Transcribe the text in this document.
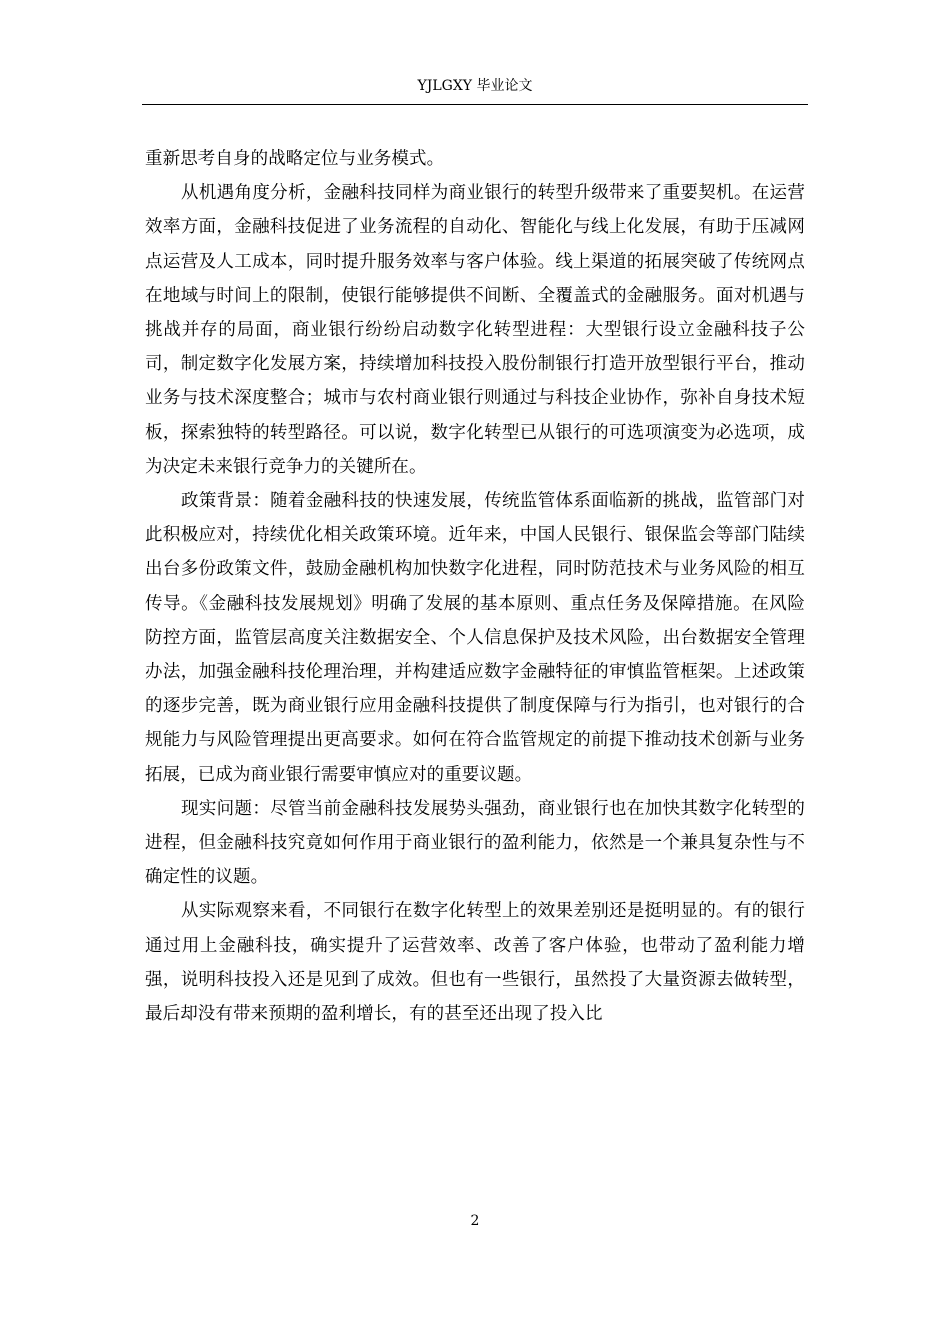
YJLGXY 毕业论文

重新思考自身的战略定位与业务模式。

从机遇角度分析，金融科技同样为商业银行的转型升级带来了重要契机。在运营效率方面，金融科技促进了业务流程的自动化、智能化与线上化发展，有助于压减网点运营及人工成本，同时提升服务效率与客户体验。线上渠道的拓展突破了传统网点在地域与时间上的限制，使银行能够提供不间断、全覆盖式的金融服务。面对机遇与挑战并存的局面，商业银行纷纷启动数字化转型进程：大型银行设立金融科技子公司，制定数字化发展方案，持续增加科技投入股份制银行打造开放型银行平台，推动业务与技术深度整合；城市与农村商业银行则通过与科技企业协作，弥补自身技术短板，探索独特的转型路径。可以说，数字化转型已从银行的可选项演变为必选项，成为决定未来银行竞争力的关键所在。

政策背景：随着金融科技的快速发展，传统监管体系面临新的挑战，监管部门对此积极应对，持续优化相关政策环境。近年来，中国人民银行、银保监会等部门陆续出台多份政策文件，鼓励金融机构加快数字化进程，同时防范技术与业务风险的相互传导。《金融科技发展规划》明确了发展的基本原则、重点任务及保障措施。在风险防控方面，监管层高度关注数据安全、个人信息保护及技术风险，出台数据安全管理办法，加强金融科技伦理治理，并构建适应数字金融特征的审慎监管框架。上述政策的逐步完善，既为商业银行应用金融科技提供了制度保障与行为指引，也对银行的合规能力与风险管理提出更高要求。如何在符合监管规定的前提下推动技术创新与业务拓展，已成为商业银行需要审慎应对的重要议题。

现实问题：尽管当前金融科技发展势头强劲，商业银行也在加快其数字化转型的进程，但金融科技究竟如何作用于商业银行的盈利能力，依然是一个兼具复杂性与不确定性的议题。

从实际观察来看，不同银行在数字化转型上的效果差别还是挺明显的。有的银行通过用上金融科技，确实提升了运营效率、改善了客户体验，也带动了盈利能力增强，说明科技投入还是见到了成效。但也有一些银行，虽然投了大量资源去做转型，最后却没有带来预期的盈利增长，有的甚至还出现了投入比

2
